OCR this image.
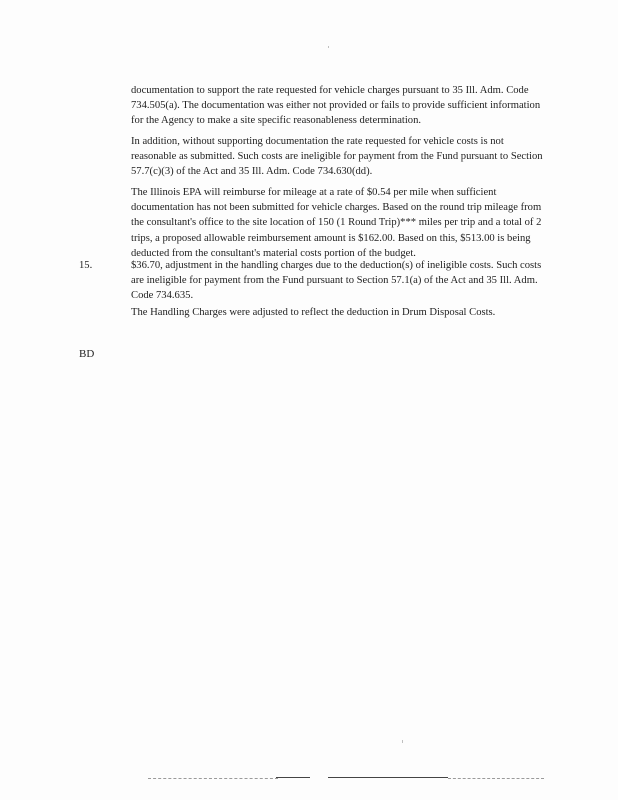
documentation to support the rate requested for vehicle charges pursuant to 35 Ill. Adm. Code 734.505(a). The documentation was either not provided or fails to provide sufficient information for the Agency to make a site specific reasonableness determination.

In addition, without supporting documentation the rate requested for vehicle costs is not reasonable as submitted. Such costs are ineligible for payment from the Fund pursuant to Section 57.7(c)(3) of the Act and 35 Ill. Adm. Code 734.630(dd).

The Illinois EPA will reimburse for mileage at a rate of $0.54 per mile when sufficient documentation has not been submitted for vehicle charges. Based on the round trip mileage from the consultant's office to the site location of 150 (1 Round Trip)*** miles per trip and a total of 2 trips, a proposed allowable reimbursement amount is $162.00. Based on this, $513.00 is being deducted from the consultant's material costs portion of the budget.

15.	$36.70, adjustment in the handling charges due to the deduction(s) of ineligible costs. Such costs are ineligible for payment from the Fund pursuant to Section 57.1(a) of the Act and 35 Ill. Adm. Code 734.635.

The Handling Charges were adjusted to reflect the deduction in Drum Disposal Costs.

BD
